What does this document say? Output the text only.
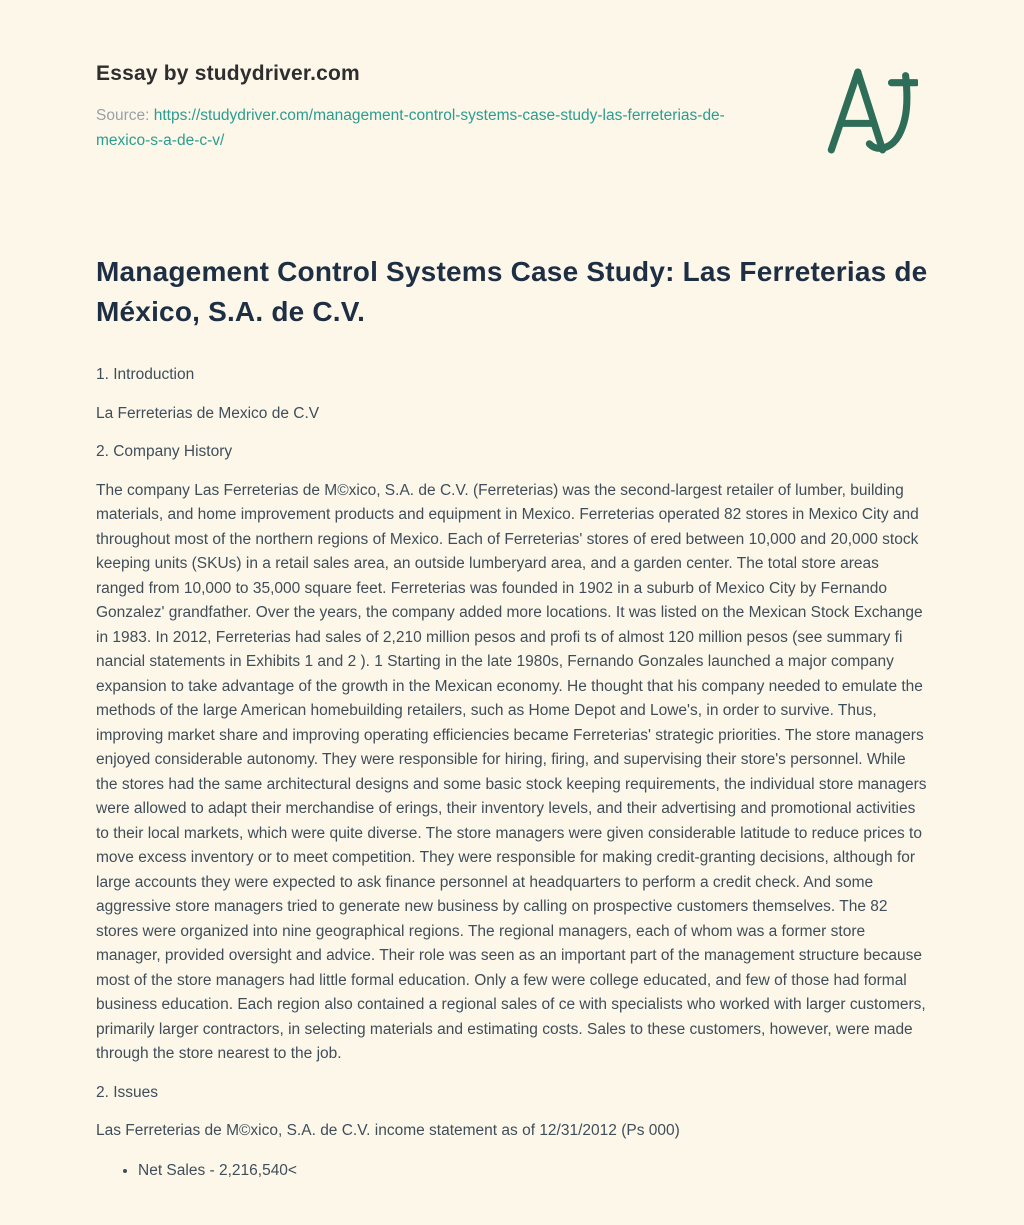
Essay by studydriver.com
Source: https://studydriver.com/management-control-systems-case-study-las-ferreterias-de-mexico-s-a-de-c-v/
Management Control Systems Case Study: Las Ferreterias de México, S.A. de C.V.
1. Introduction
La Ferreterias de Mexico de C.V
2. Company History
The company Las Ferreterias de M©xico, S.A. de C.V. (Ferreterias) was the second-largest retailer of lumber, building materials, and home improvement products and equipment in Mexico. Ferreterias operated 82 stores in Mexico City and throughout most of the northern regions of Mexico. Each of Ferreterias' stores of ered between 10,000 and 20,000 stock keeping units (SKUs) in a retail sales area, an outside lumberyard area, and a garden center. The total store areas ranged from 10,000 to 35,000 square feet. Ferreterias was founded in 1902 in a suburb of Mexico City by Fernando Gonzalez' grandfather. Over the years, the company added more locations. It was listed on the Mexican Stock Exchange in 1983. In 2012, Ferreterias had sales of 2,210 million pesos and profi ts of almost 120 million pesos (see summary fi nancial statements in Exhibits 1 and 2 ). 1 Starting in the late 1980s, Fernando Gonzales launched a major company expansion to take advantage of the growth in the Mexican economy. He thought that his company needed to emulate the methods of the large American homebuilding retailers, such as Home Depot and Lowe's, in order to survive. Thus, improving market share and improving operating efficiencies became Ferreterias' strategic priorities. The store managers enjoyed considerable autonomy. They were responsible for hiring, firing, and supervising their store's personnel. While the stores had the same architectural designs and some basic stock keeping requirements, the individual store managers were allowed to adapt their merchandise of erings, their inventory levels, and their advertising and promotional activities to their local markets, which were quite diverse. The store managers were given considerable latitude to reduce prices to move excess inventory or to meet competition. They were responsible for making credit-granting decisions, although for large accounts they were expected to ask finance personnel at headquarters to perform a credit check. And some aggressive store managers tried to generate new business by calling on prospective customers themselves. The 82 stores were organized into nine geographical regions. The regional managers, each of whom was a former store manager, provided oversight and advice. Their role was seen as an important part of the management structure because most of the store managers had little formal education. Only a few were college educated, and few of those had formal business education. Each region also contained a regional sales of ce with specialists who worked with larger customers, primarily larger contractors, in selecting materials and estimating costs. Sales to these customers, however, were made through the store nearest to the job.
2. Issues
Las Ferreterias de M©xico, S.A. de C.V. income statement as of 12/31/2012 (Ps 000)
• Net Sales - 2,216,540<
